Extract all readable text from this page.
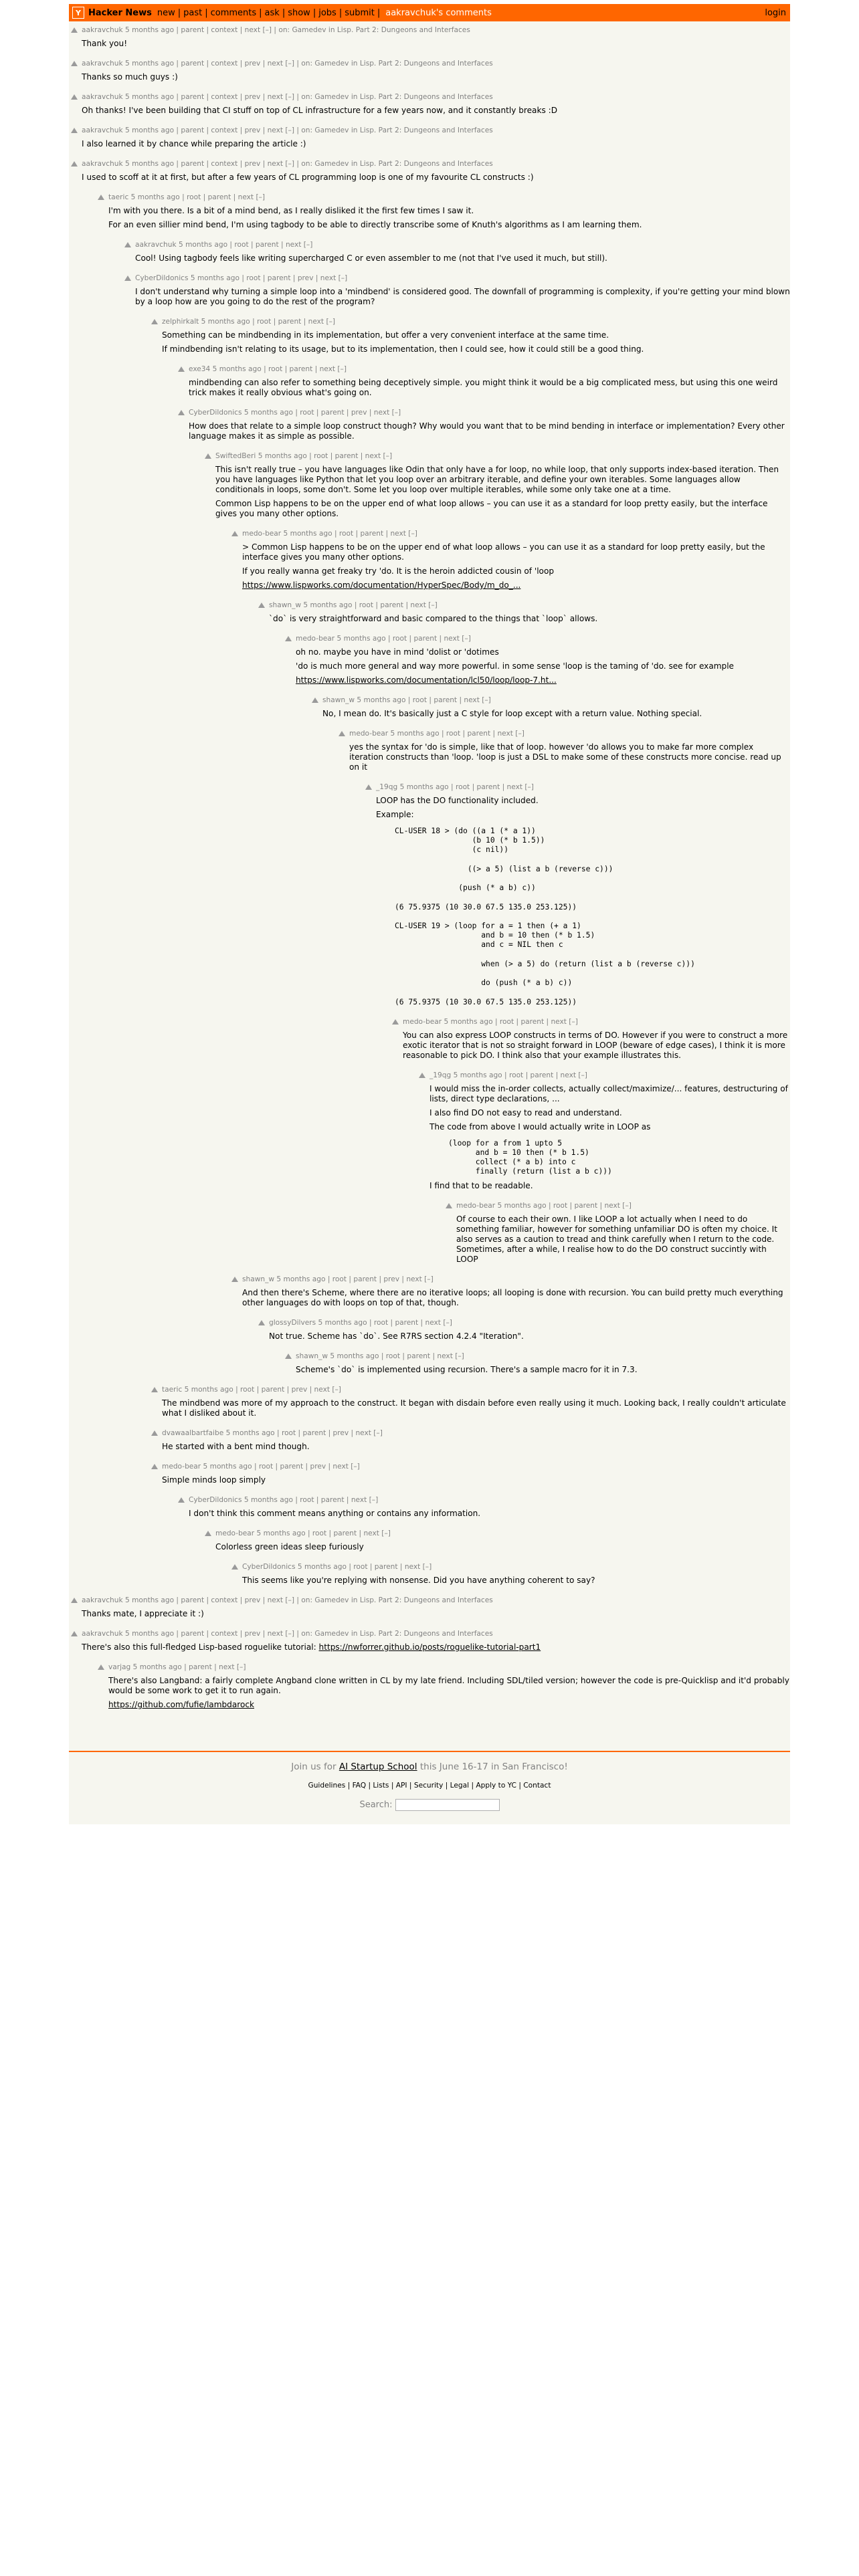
Y Hacker News new | past | comments | ask | show | jobs | submit | aakravchuk's comments	login
aakravchuk 5 months ago | parent | context | next [–] | on: Gamedev in Lisp. Part 2: Dungeons and Interfaces

Thank you!

aakravchuk 5 months ago | parent | context | prev | next [–] | on: Gamedev in Lisp. Part 2: Dungeons and Interfaces

Thanks so much guys :)

aakravchuk 5 months ago | parent | context | prev | next [–] | on: Gamedev in Lisp. Part 2: Dungeons and Interfaces

Oh thanks! I've been building that CI stuff on top of CL infrastructure for a few years now, and it constantly breaks :D

aakravchuk 5 months ago | parent | context | prev | next [–] | on: Gamedev in Lisp. Part 2: Dungeons and Interfaces

I also learned it by chance while preparing the article :)

aakravchuk 5 months ago | parent | context | prev | next [–] | on: Gamedev in Lisp. Part 2: Dungeons and Interfaces

I used to scoff at it at first, but after a few years of CL programming loop is one of my favourite CL constructs :)

taeric 5 months ago | root | parent | next [–]

I'm with you there. Is a bit of a mind bend, as I really disliked it the first few times I saw it.

For an even sillier mind bend, I'm using tagbody to be able to directly transcribe some of Knuth's algorithms as I am learning them.

aakravchuk 5 months ago | root | parent | next [–]

Cool! Using tagbody feels like writing supercharged C or even assembler to me (not that I've used it much, but still).

CyberDildonics 5 months ago | root | parent | prev | next [–]

I don't understand why turning a simple loop into a 'mindbend' is considered good. The downfall of programming is complexity, if you're getting your mind blown by a loop how are you going to do the rest of the program?

zelphirkalt 5 months ago | root | parent | next [–]

Something can be mindbending in its implementation, but offer a very convenient interface at the same time.

If mindbending isn't relating to its usage, but to its implementation, then I could see, how it could still be a good thing.

exe34 5 months ago | root | parent | next [–]

mindbending can also refer to something being deceptively simple. you might think it would be a big complicated mess, but using this one weird trick makes it really obvious what's going on.

CyberDildonics 5 months ago | root | parent | prev | next [–]

How does that relate to a simple loop construct though? Why would you want that to be mind bending in interface or implementation? Every other language makes it as simple as possible.

SwiftedBeri 5 months ago | root | parent | next [–]

This isn't really true – you have languages like Odin that only have a for loop, no while loop, that only supports index-based iteration. Then you have languages like Python that let you loop over an arbitrary iterable, and define your own iterables. Some languages allow conditionals in loops, some don't. Some let you loop over multiple iterables, while some only take one at a time.

Common Lisp happens to be on the upper end of what loop allows – you can use it as a standard for loop pretty easily, but the interface gives you many other options.

medo-bear 5 months ago | root | parent | next [–]

> Common Lisp happens to be on the upper end of what loop allows – you can use it as a standard for loop pretty easily, but the interface gives you many other options.

If you really wanna get freaky try 'do. It is the heroin addicted cousin of 'loop

https://www.lispworks.com/documentation/HyperSpec/Body/m_do_...

shawn_w 5 months ago | root | parent | next [–]

`do` is very straightforward and basic compared to the things that `loop` allows.

medo-bear 5 months ago | root | parent | next [–]

oh no. maybe you have in mind 'dolist or 'dotimes

'do is much more general and way more powerful. in some sense 'loop is the taming of 'do. see for example

https://www.lispworks.com/documentation/lcl50/loop/loop-7.ht...

shawn_w 5 months ago | root | parent | next [–]

No, I mean do. It's basically just a C style for loop except with a return value. Nothing special.

medo-bear 5 months ago | root | parent | next [–]

yes the syntax for 'do is simple, like that of loop. however 'do allows you to make far more complex iteration constructs than 'loop. 'loop is just a DSL to make some of these constructs more concise. read up on it

_19qg 5 months ago | root | parent | next [–]

LOOP has the DO functionality included.

Example:

CL-USER 18 > (do ((a 1 (* a 1))
(b 10 (* b 1.5))
(c nil))

((> a 5) (list a b (reverse c)))

(push (* a b) c))

(6 75.9375 (10 30.0 67.5 135.0 253.125))

CL-USER 19 > (loop for a = 1 then (+ a 1)
and b = 10 then (* b 1.5)
and c = NIL then c

when (> a 5) do (return (list a b (reverse c)))

do (push (* a b) c))

(6 75.9375 (10 30.0 67.5 135.0 253.125))
medo-bear 5 months ago | root | parent | next [–]

You can also express LOOP constructs in terms of DO. However if you were to construct a more exotic iterator that is not so straight forward in LOOP (beware of edge cases), I think it is more reasonable to pick DO. I think also that your example illustrates this.

_19qg 5 months ago | root | parent | next [–]

I would miss the in-order collects, actually collect/maximize/... features, destructuring of lists, direct type declarations, ...

I also find DO not easy to read and understand.

The code from above I would actually write in LOOP as

(loop for a from 1 upto 5
and b = 10 then (* b 1.5)
collect (* a b) into c
finally (return (list a b c)))

I find that to be readable.

medo-bear 5 months ago | root | parent | next [–]

Of course to each their own. I like LOOP a lot actually when I need to do something familiar, however for something unfamiliar DO is often my choice. It also serves as a caution to tread and think carefully when I return to the code. Sometimes, after a while, I realise how to do the DO construct succintly with LOOP

shawn_w 5 months ago | root | parent | prev | next [–]

And then there's Scheme, where there are no iterative loops; all looping is done with recursion. You can build pretty much everything other languages do with loops on top of that, though.

glossyDilvers 5 months ago | root | parent | next [–]

Not true. Scheme has `do`. See R7RS section 4.2.4 "Iteration".

shawn_w 5 months ago | root | parent | next [–]

Scheme's `do` is implemented using recursion. There's a sample macro for it in 7.3.

taeric 5 months ago | root | parent | prev | next [–]

The mindbend was more of my approach to the construct. It began with disdain before even really using it much. Looking back, I really couldn't articulate what I disliked about it.

dvawaalbartfaibe 5 months ago | root | parent | prev | next [–]

He started with a bent mind though.

medo-bear 5 months ago | root | parent | prev | next [–]

Simple minds loop simply

CyberDildonics 5 months ago | root | parent | next [–]

I don't think this comment means anything or contains any information.

medo-bear 5 months ago | root | parent | next [–]

Colorless green ideas sleep furiously

CyberDildonics 5 months ago | root | parent | next [–]

This seems like you're replying with nonsense. Did you have anything coherent to say?

aakravchuk 5 months ago | parent | context | prev | next [–] | on: Gamedev in Lisp. Part 2: Dungeons and Interfaces

Thanks mate, I appreciate it :)

aakravchuk 5 months ago | parent | context | prev | next [–] | on: Gamedev in Lisp. Part 2: Dungeons and Interfaces

There's also this full-fledged Lisp-based roguelike tutorial: https://nwforrer.github.io/posts/roguelike-tutorial-part1

varjag 5 months ago | parent | next [–]

There's also Langband: a fairly complete Angband clone written in CL by my late friend. Including SDL/tiled version; however the code is pre-Quicklisp and it'd probably would be some work to get it to run again.

https://github.com/fufie/lambdarock

Join us for AI Startup School this June 16-17 in San Francisco!
Guidelines | FAQ | Lists | API | Security | Legal | Apply to YC | Contact
Search:
